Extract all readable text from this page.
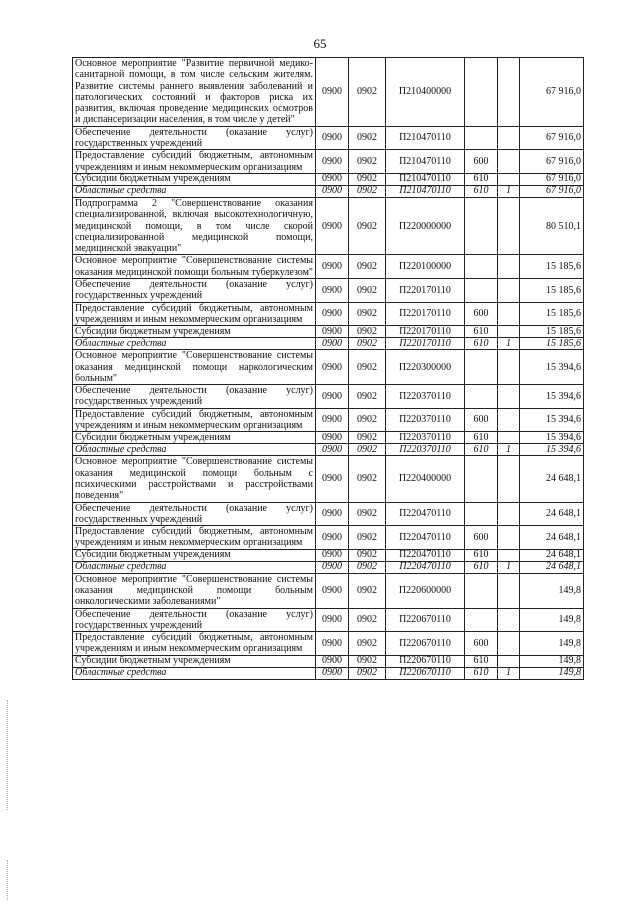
65
Основное мероприятие "Развитие первичной медико-санитарной помощи, в том числе сельским жителям. Развитие системы раннего выявления заболеваний и патологических состояний и факторов риска их развития, включая проведение медицинских осмотров и диспансеризации населения, в том числе у детей"	0900	0902	П210400000			67 916,0
Обеспечение деятельности (оказание услуг) государственных учреждений	0900	0902	П210470110			67 916,0
Предоставление субсидий бюджетным, автономным учреждениям и иным некоммерческим организациям	0900	0902	П210470110	600		67 916,0
Субсидии бюджетным учреждениям	0900	0902	П210470110	610		67 916,0
Областные средства	0900	0902	П210470110	610	1	67 916,0
Подпрограмма 2 "Совершенствование оказания специализированной, включая высокотехнологичную, медицинской помощи, в том числе скорой специализированной медицинской помощи, медицинской эвакуации"	0900	0902	П220000000			80 510,1
Основное мероприятие "Совершенствование системы оказания медицинской помощи больным туберкулезом"	0900	0902	П220100000			15 185,6
Обеспечение деятельности (оказание услуг) государственных учреждений	0900	0902	П220170110			15 185,6
Предоставление субсидий бюджетным, автономным учреждениям и иным некоммерческим организациям	0900	0902	П220170110	600		15 185,6
Субсидии бюджетным учреждениям	0900	0902	П220170110	610		15 185,6
Областные средства	0900	0902	П220170110	610	1	15 185,6
Основное мероприятие "Совершенствование системы оказания медицинской помощи наркологическим больным"	0900	0902	П220300000			15 394,6
Обеспечение деятельности (оказание услуг) государственных учреждений	0900	0902	П220370110			15 394,6
Предоставление субсидий бюджетным, автономным учреждениям и иным некоммерческим организациям	0900	0902	П220370110	600		15 394,6
Субсидии бюджетным учреждениям	0900	0902	П220370110	610		15 394,6
Областные средства	0900	0902	П220370110	610	1	15 394,6
Основное мероприятие "Совершенствование системы оказания медицинской помощи больным с психическими расстройствами и расстройствами поведения"	0900	0902	П220400000			24 648,1
Обеспечение деятельности (оказание услуг) государственных учреждений	0900	0902	П220470110			24 648,1
Предоставление субсидий бюджетным, автономным учреждениям и иным некоммерческим организациям	0900	0902	П220470110	600		24 648,1
Субсидии бюджетным учреждениям	0900	0902	П220470110	610		24 648,1
Областные средства	0900	0902	П220470110	610	1	24 648,1
Основное мероприятие "Совершенствование системы оказания медицинской помощи больным онкологическими заболеваниями"	0900	0902	П220600000			149,8
Обеспечение деятельности (оказание услуг) государственных учреждений	0900	0902	П220670110			149,8
Предоставление субсидий бюджетным, автономным учреждениям и иным некоммерческим организациям	0900	0902	П220670110	600		149,8
Субсидии бюджетным учреждениям	0900	0902	П220670110	610		149,8
Областные средства	0900	0902	П220670110	610	1	149,8
